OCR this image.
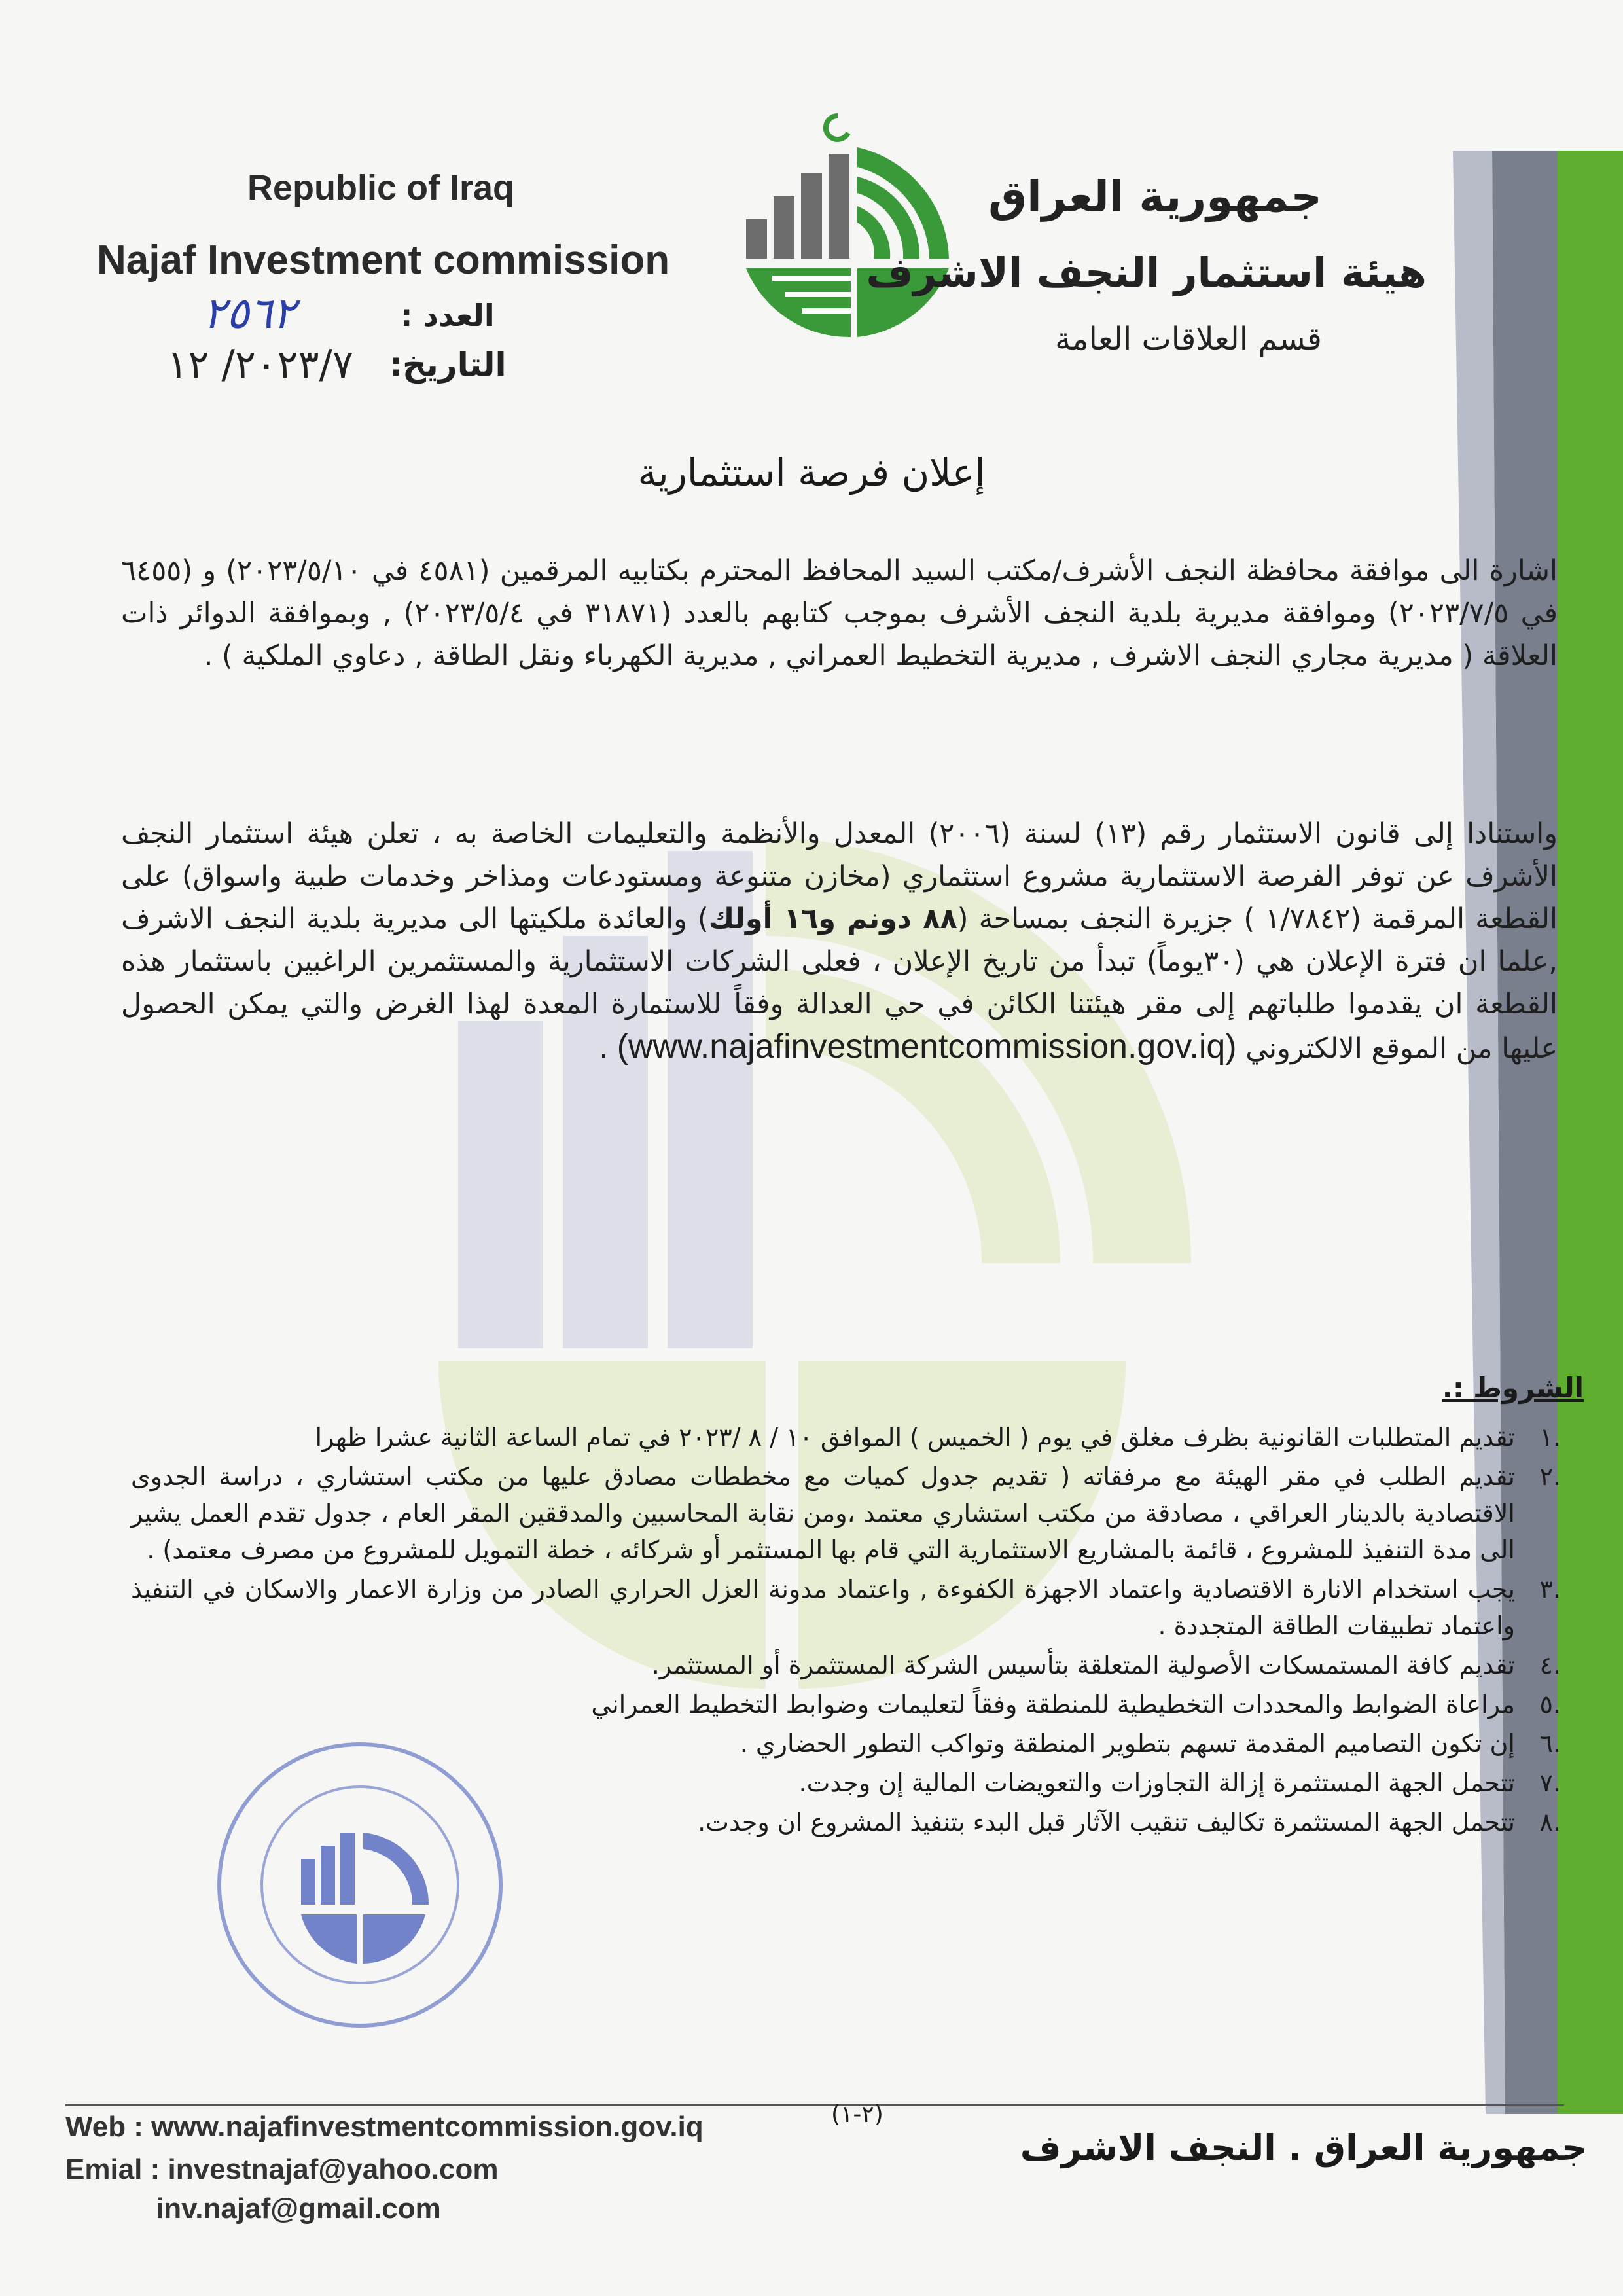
Republic of Iraq
Najaf Investment commission
العدد :
٢٥٦٢
التاريخ:
٢٠٢٣/٧/ ١٢
جمهورية العراق
هيئة استثمار النجف الاشرف
قسم العلاقات العامة
إعلان فرصة استثمارية
اشارة الى موافقة محافظة النجف الأشرف/مكتب السيد المحافظ المحترم بكتابيه المرقمين (٤٥٨١ في ٢٠٢٣/٥/١٠) و (٦٤٥٥ في ٢٠٢٣/٧/٥) وموافقة مديرية بلدية النجف الأشرف بموجب كتابهم بالعدد (٣١٨٧١ في ٢٠٢٣/٥/٤) , وبموافقة الدوائر ذات العلاقة ( مديرية مجاري النجف الاشرف , مديرية التخطيط العمراني , مديرية الكهرباء ونقل الطاقة , دعاوي الملكية ) .
واستنادا إلى قانون الاستثمار رقم (١٣) لسنة (٢٠٠٦) المعدل والأنظمة والتعليمات الخاصة به ، تعلن هيئة استثمار النجف الأشرف عن توفر الفرصة الاستثمارية مشروع استثماري (مخازن متنوعة ومستودعات ومذاخر وخدمات طبية واسواق) على القطعة المرقمة (١/٧٨٤٢ ) جزيرة النجف بمساحة (٨٨ دونم و١٦ أولك) والعائدة ملكيتها الى مديرية بلدية النجف الاشرف ,علما ان فترة الإعلان هي (٣٠يوماً) تبدأ من تاريخ الإعلان ، فعلى الشركات الاستثمارية والمستثمرين الراغبين باستثمار هذه القطعة ان يقدموا طلباتهم إلى مقر هيئتنا الكائن في حي العدالة وفقاً للاستمارة المعدة لهذا الغرض والتي يمكن الحصول عليها من الموقع الالكتروني (www.najafinvestmentcommission.gov.iq) .
الشروط :.
.١
تقديم المتطلبات القانونية بظرف مغلق في يوم ( الخميس ) الموافق ١٠ / ٨ /٢٠٢٣ في تمام الساعة الثانية عشرا ظهرا
.٢
تقديم الطلب في مقر الهيئة مع مرفقاته ( تقديم جدول كميات مع مخططات مصادق عليها من مكتب استشاري ، دراسة الجدوى الاقتصادية بالدينار العراقي ، مصادقة من مكتب استشاري معتمد ،ومن نقابة المحاسبين والمدققين المقر العام ، جدول تقدم العمل يشير الى مدة التنفيذ للمشروع ، قائمة بالمشاريع الاستثمارية التي قام بها المستثمر أو شركائه ، خطة التمويل للمشروع من مصرف معتمد) .
.٣
يجب استخدام الانارة الاقتصادية واعتماد الاجهزة الكفوءة , واعتماد مدونة العزل الحراري الصادر من وزارة الاعمار والاسكان في التنفيذ واعتماد تطبيقات الطاقة المتجددة .
.٤
تقديم كافة المستمسكات الأصولية المتعلقة بتأسيس الشركة المستثمرة أو المستثمر.
.٥
مراعاة الضوابط والمحددات التخطيطية للمنطقة وفقاً لتعليمات وضوابط التخطيط العمراني
.٦
إن تكون التصاميم المقدمة تسهم بتطوير المنطقة وتواكب التطور الحضاري .
.٧
تتحمل الجهة المستثمرة إزالة التجاوزات والتعويضات المالية إن وجدت.
.٨
تتحمل الجهة المستثمرة تكاليف تنقيب الآثار قبل البدء بتنفيذ المشروع ان وجدت.
(٢-١)
Web : www.najafinvestmentcommission.gov.iq
Emial : investnajaf@yahoo.com
inv.najaf@gmail.com
جمهورية العراق . النجف الاشرف
